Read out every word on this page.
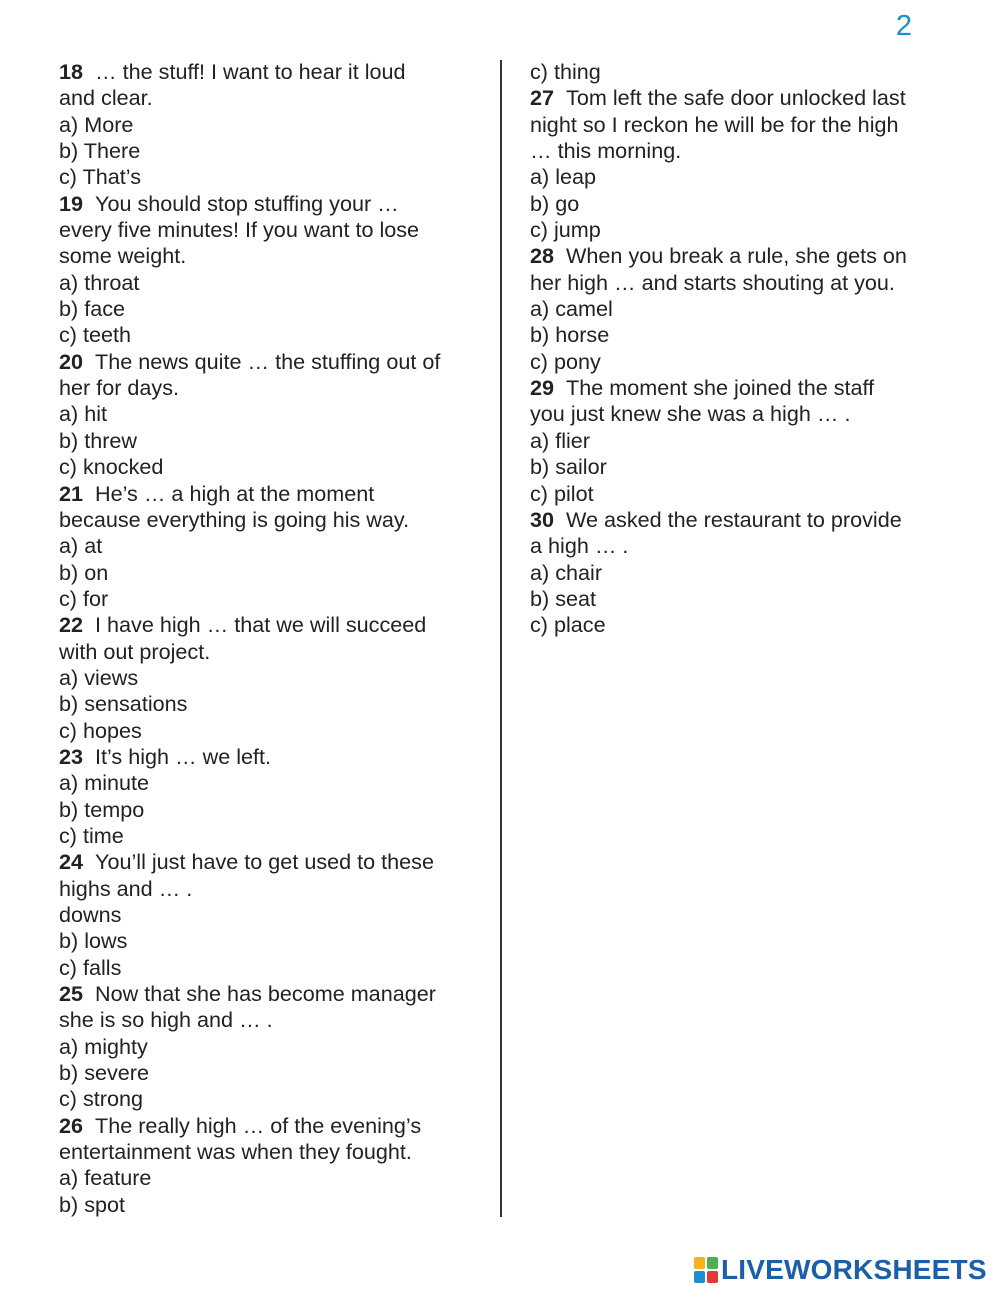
2
18 … the stuff! I want to hear it loud
and clear.
a) More
b) There
c) That’s
19 You should stop stuffing your …
every five minutes! If you want to lose
some weight.
a) throat
b) face
c) teeth
20 The news quite … the stuffing out of
her for days.
a) hit
b) threw
c) knocked
21 He’s … a high at the moment
because everything is going his way.
a) at
b) on
c) for
22 I have high … that we will succeed
with out project.
a) views
b) sensations
c) hopes
23 It’s high … we left.
a) minute
b) tempo
c) time
24 You’ll just have to get used to these
highs and … .
downs
b) lows
c) falls
25 Now that she has become manager
she is so high and … .
a) mighty
b) severe
c) strong
26 The really high … of the evening’s
entertainment was when they fought.
a) feature
b) spot
c) thing
27 Tom left the safe door unlocked last
night so I reckon he will be for the high
… this morning.
a) leap
b) go
c) jump
28 When you break a rule, she gets on
her high … and starts shouting at you.
a) camel
b) horse
c) pony
29 The moment she joined the staff
you just knew she was a high … .
a) flier
b) sailor
c) pilot
30 We asked the restaurant to provide
a high … .
a) chair
b) seat
c) place
LIVEWORKSHEETS
